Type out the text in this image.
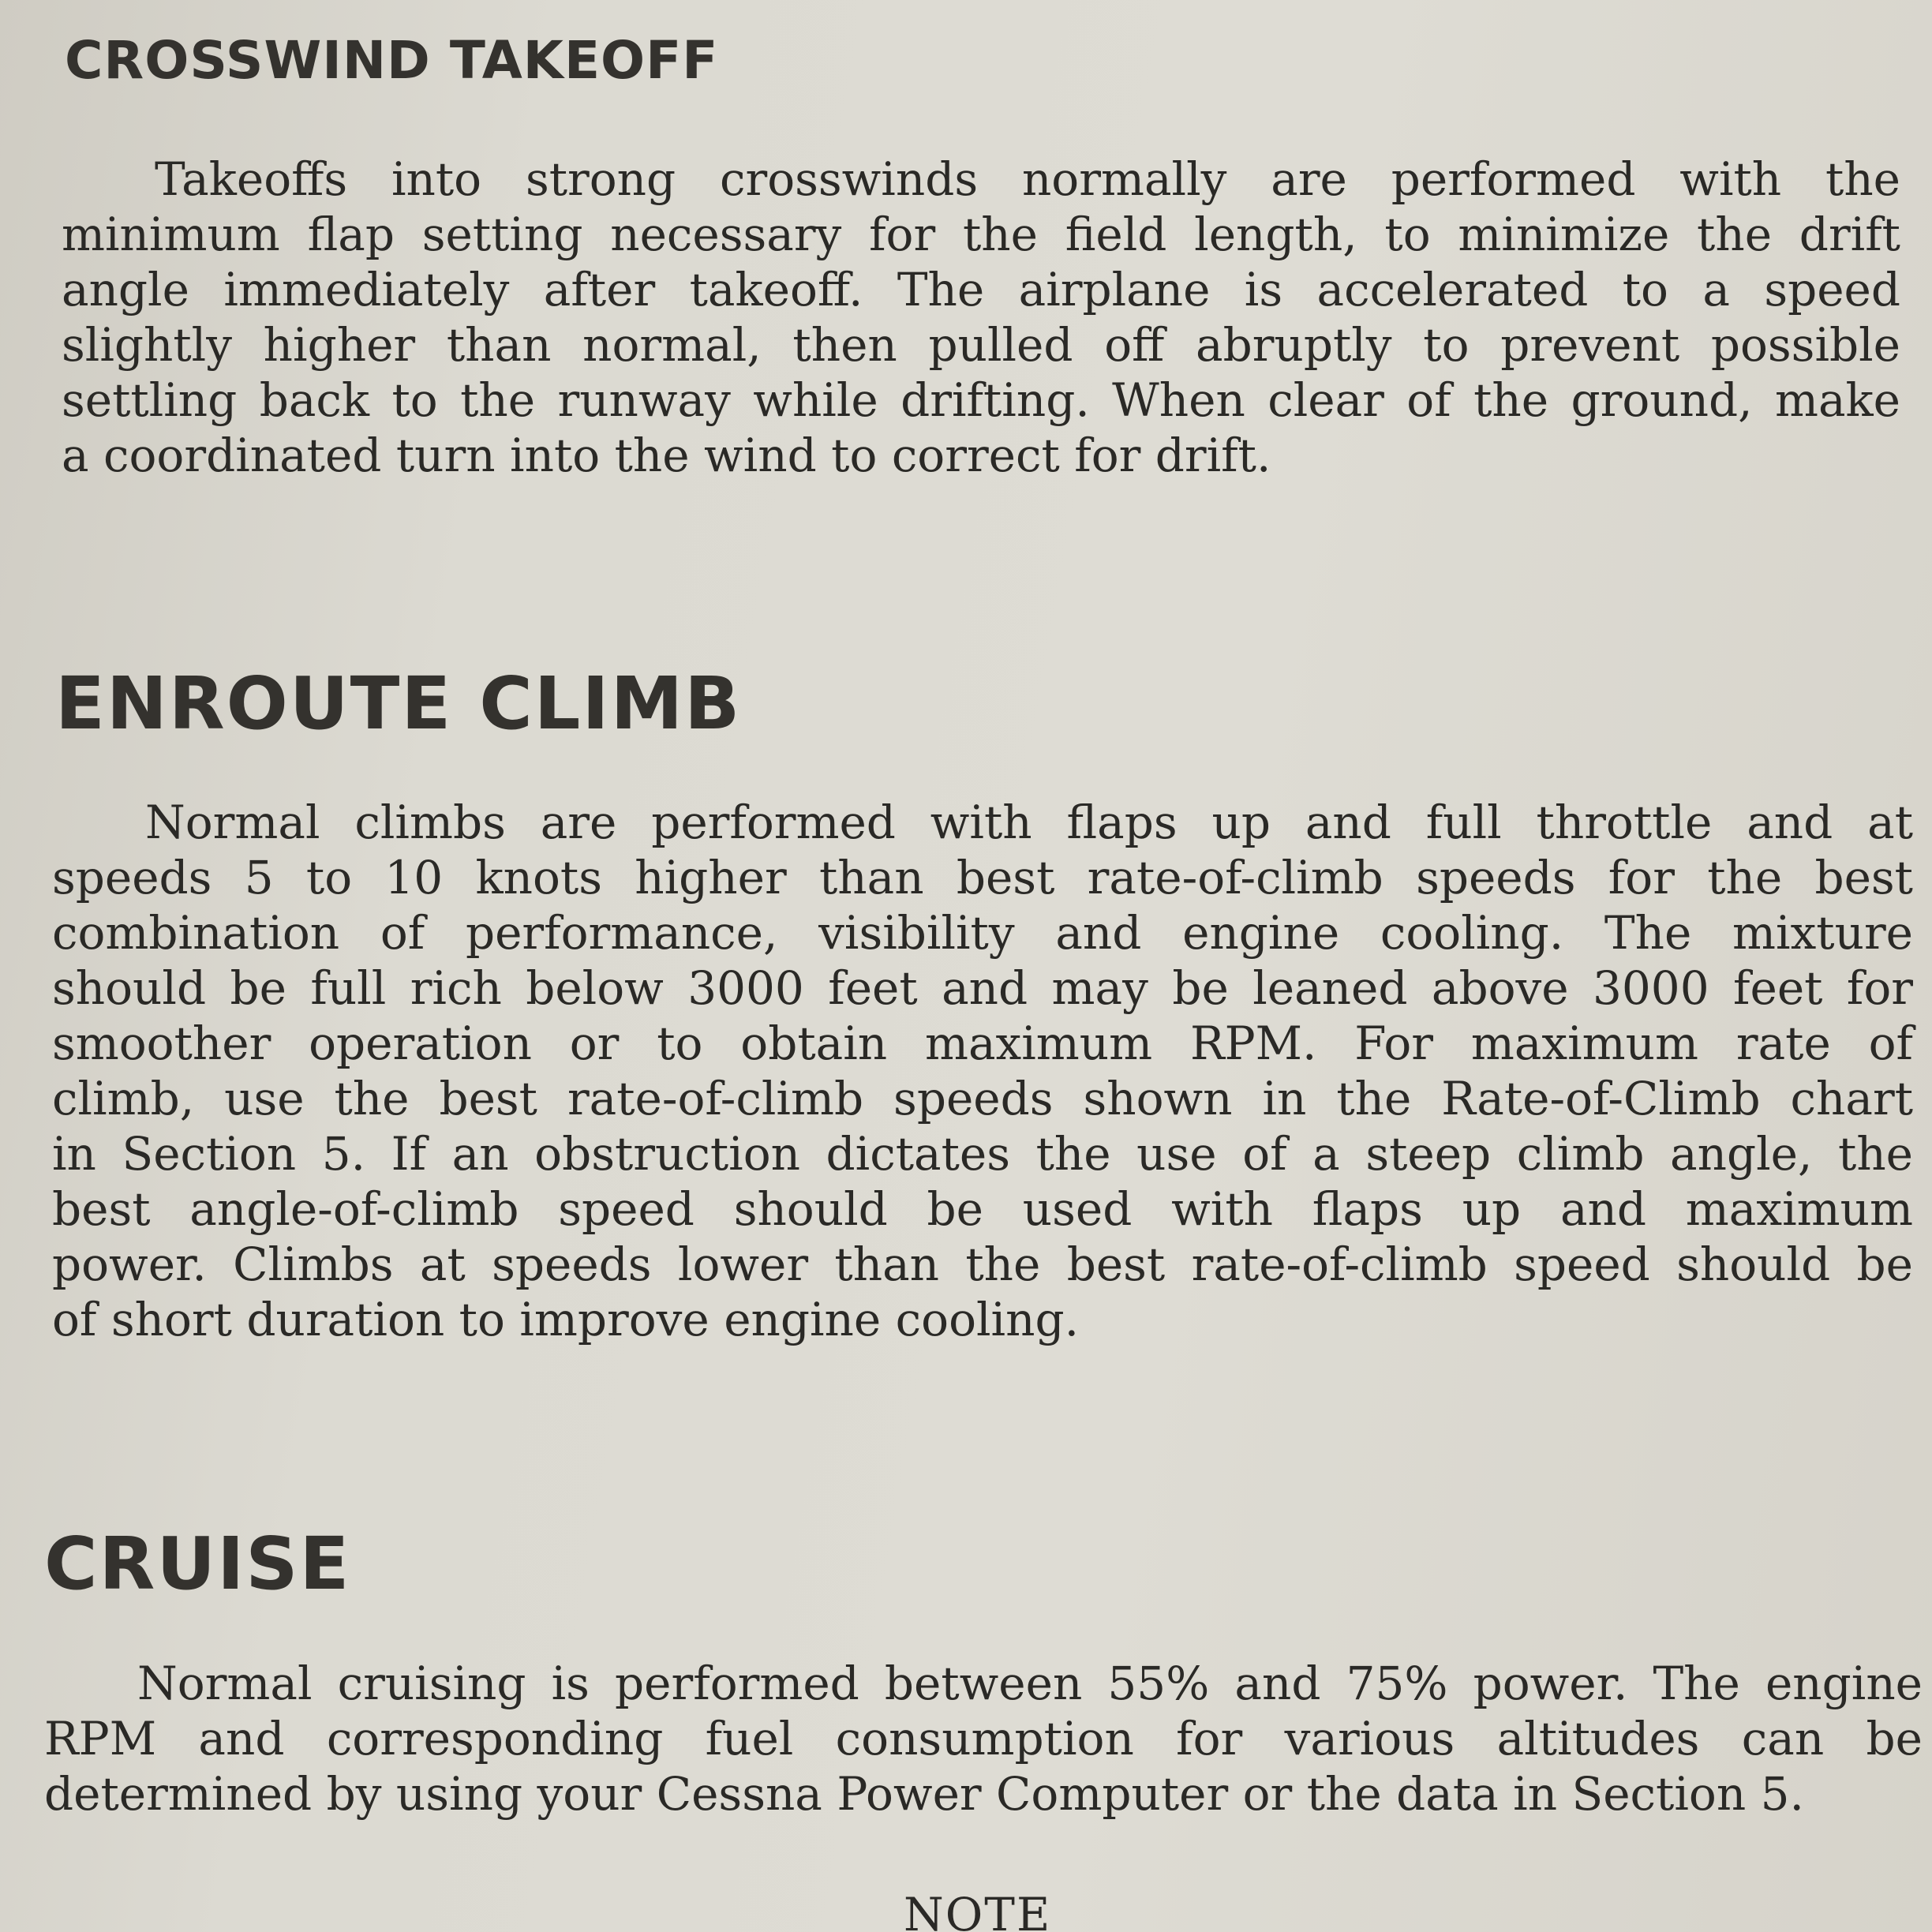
CROSSWIND TAKEOFF
Takeoffs into strong crosswinds normally are performed with the
minimum flap setting necessary for the field length, to minimize the drift
angle immediately after takeoff. The airplane is accelerated to a speed
slightly higher than normal, then pulled off abruptly to prevent possible
settling back to the runway while drifting. When clear of the ground, make
a coordinated turn into the wind to correct for drift.
ENROUTE CLIMB
Normal climbs are performed with flaps up and full throttle and at
speeds 5 to 10 knots higher than best rate-of-climb speeds for the best
combination of performance, visibility and engine cooling. The mixture
should be full rich below 3000 feet and may be leaned above 3000 feet for
smoother operation or to obtain maximum RPM. For maximum rate of
climb, use the best rate-of-climb speeds shown in the Rate-of-Climb chart
in Section 5. If an obstruction dictates the use of a steep climb angle, the
best angle-of-climb speed should be used with flaps up and maximum
power. Climbs at speeds lower than the best rate-of-climb speed should be
of short duration to improve engine cooling.
CRUISE
Normal cruising is performed between 55% and 75% power. The engine
RPM and corresponding fuel consumption for various altitudes can be
determined by using your Cessna Power Computer or the data in Section 5.

NOTE
